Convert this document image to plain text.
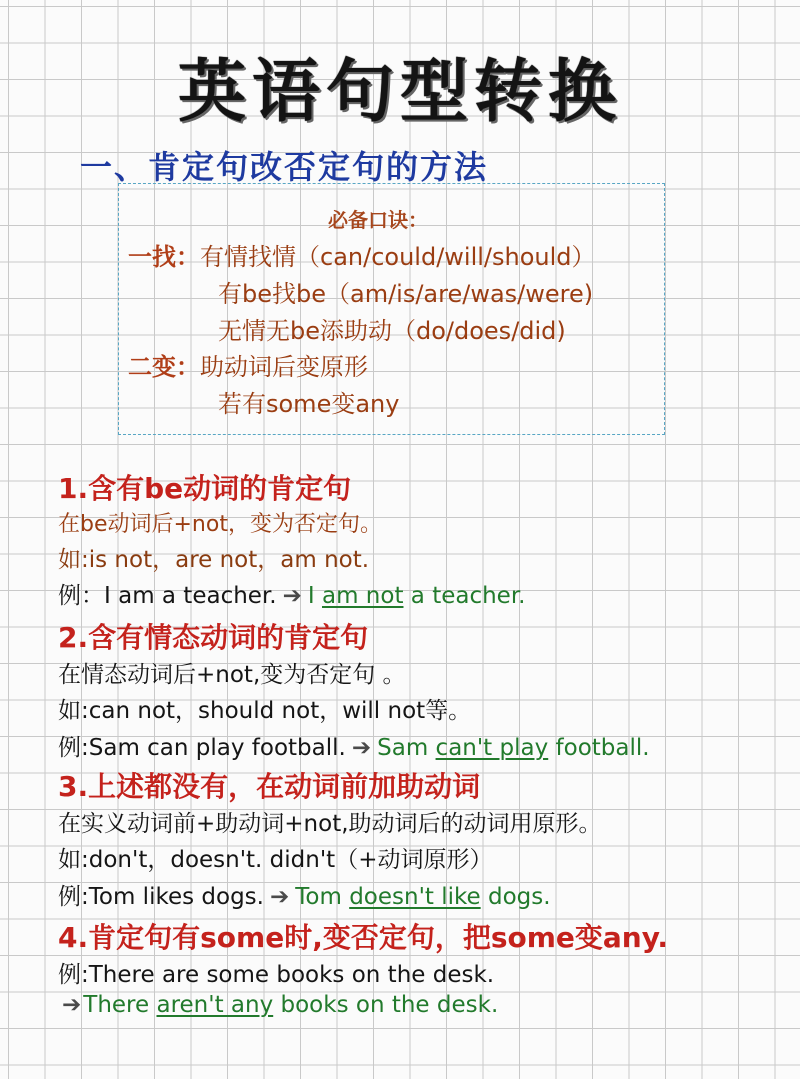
英语句型转换
一、肯定句改否定句的方法
必备口诀：
一找：有情找情（can/could/will/should）
有be找be（am/is/are/was/were)
无情无be添助动（do/does/did)
二变：助动词后变原形
若有some变any
1.含有be动词的肯定句
在be动词后+not，变为否定句。
如:is not，are not，am not.
例：I am a teacher. ➔ I am not a teacher.
2.含有情态动词的肯定句
在情态动词后+not,变为否定句 。
如:can not，should not，will not等。
例:Sam can play football. ➔ Sam can't play football.
3.上述都没有，在动词前加助动词
在实义动词前+助动词+not,助动词后的动词用原形。
如:don't，doesn't. didn't（+动词原形）
例:Tom likes dogs. ➔ Tom doesn't like dogs.
4.肯定句有some时,变否定句，把some变any.
例:There are some books on the desk.
➔There aren't any books on the desk.
